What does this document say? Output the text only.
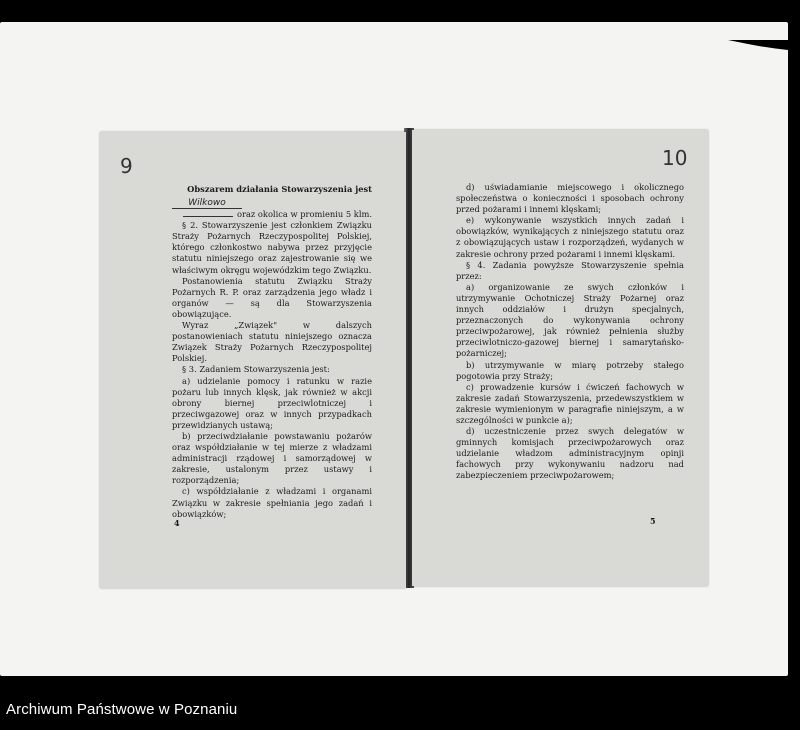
9

Obszarem działania Stowarzyszenia jest

Wilkowo

oraz okolica w promieniu 5 klm.

§ 2. Stowarzyszenie jest członkiem Związku Straży Pożarnych Rzeczypospolitej Polskiej, którego członkostwo nabywa przez przyjęcie statutu niniejszego oraz zajestrowanie się we właściwym okręgu wojewódzkim tego Związku.

Postanowienia statutu Związku Straży Pożarnych R. P. oraz zarządzenia jego władz i organów — są dla Stowarzyszenia obowiązujące.

Wyraz „Związek" w dalszych postanowieniach statutu niniejszego oznacza Związek Straży Pożarnych Rzeczypospolitej Polskiej.

§ 3. Zadaniem Stowarzyszenia jest:

a) udzielanie pomocy i ratunku w razie pożaru lub innych klęsk, jak również w akcji obrony biernej przeciwlotniczej i przeciwgazowej oraz w innych przypadkach przewidzianych ustawą;

b) przeciwdziałanie powstawaniu pożarów oraz współdziałanie w tej mierze z władzami administracji rządowej i samorządowej w zakresie, ustalonym przez ustawy i rozporządzenia;

c) współdziałanie z władzami i organami Związku w zakresie spełniania jego zadań i obowiązków;

4
10

d) uświadamianie miejscowego i okolicznego społeczeństwa o konieczności i sposobach ochrony przed pożarami i innemi klęskami;

e) wykonywanie wszystkich innych zadań i obowiązków, wynikających z niniejszego statutu oraz z obowiązujących ustaw i rozporządzeń, wydanych w zakresie ochrony przed pożarami i innemi klęskami.

§ 4. Zadania powyższe Stowarzyszenie spełnia przez:

a) organizowanie ze swych członków i utrzymywanie Ochotniczej Straży Pożarnej oraz innych oddziałów i drużyn specjalnych, przeznaczonych do wykonywania ochrony przeciwpożarowej, jak również pełnienia służby przeciwlotniczo-gazowej biernej i samarytańsko-pożarniczej;

b) utrzymywanie w miarę potrzeby stałego pogotowia przy Straży;

c) prowadzenie kursów i ćwiczeń fachowych w zakresie zadań Stowarzyszenia, przedewszystkiem w zakresie wymienionym w paragrafie niniejszym, a w szczególności w punkcie a);

d) uczestniczenie przez swych delegatów w gminnych komisjach przeciwpożarowych oraz udzielanie władzom administracyjnym opinji fachowych przy wykonywaniu nadzoru nad zabezpieczeniem przeciwpożarowem;

5
Archiwum Państwowe w Poznaniu
